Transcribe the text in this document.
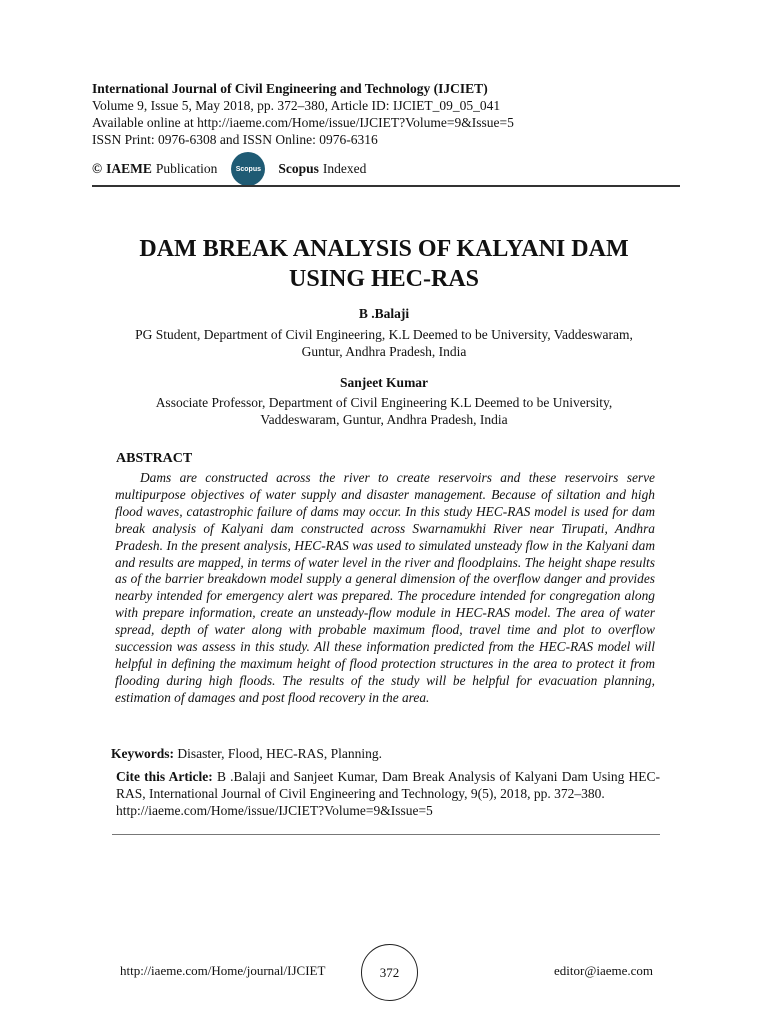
International Journal of Civil Engineering and Technology (IJCIET)
Volume 9, Issue 5, May 2018, pp. 372–380, Article ID: IJCIET_09_05_041
Available online at http://iaeme.com/Home/issue/IJCIET?Volume=9&Issue=5
ISSN Print: 0976-6308 and ISSN Online: 0976-6316
© IAEME Publication	Scopus Scopus Indexed
DAM BREAK ANALYSIS OF KALYANI DAM
USING HEC-RAS
B .Balaji
PG Student, Department of Civil Engineering, K.L Deemed to be University, Vaddeswaram,
Guntur, Andhra Pradesh, India
Sanjeet Kumar
Associate Professor, Department of Civil Engineering K.L Deemed to be University,
Vaddeswaram, Guntur, Andhra Pradesh, India
ABSTRACT
Dams are constructed across the river to create reservoirs and these reservoirs serve multipurpose objectives of water supply and disaster management. Because of siltation and high flood waves, catastrophic failure of dams may occur. In this study HEC-RAS model is used for dam break analysis of Kalyani dam constructed across Swarnamukhi River near Tirupati, Andhra Pradesh. In the present analysis, HEC-RAS was used to simulated unsteady flow in the Kalyani dam and results are mapped, in terms of water level in the river and floodplains. The height shape results as of the barrier breakdown model supply a general dimension of the overflow danger and provides nearby intended for emergency alert was prepared. The procedure intended for congregation along with prepare information, create an unsteady-flow module in HEC-RAS model. The area of water spread, depth of water along with probable maximum flood, travel time and plot to overflow succession was assess in this study. All these information predicted from the HEC-RAS model will helpful in defining the maximum height of flood protection structures in the area to protect it from flooding during high floods. The results of the study will be helpful for evacuation planning, estimation of damages and post flood recovery in the area.
Keywords: Disaster, Flood, HEC-RAS, Planning.
Cite this Article: B .Balaji and Sanjeet Kumar, Dam Break Analysis of Kalyani Dam Using HEC-RAS, International Journal of Civil Engineering and Technology, 9(5), 2018, pp. 372–380.
http://iaeme.com/Home/issue/IJCIET?Volume=9&Issue=5
http://iaeme.com/Home/journal/IJCIET	372	editor@iaeme.com
